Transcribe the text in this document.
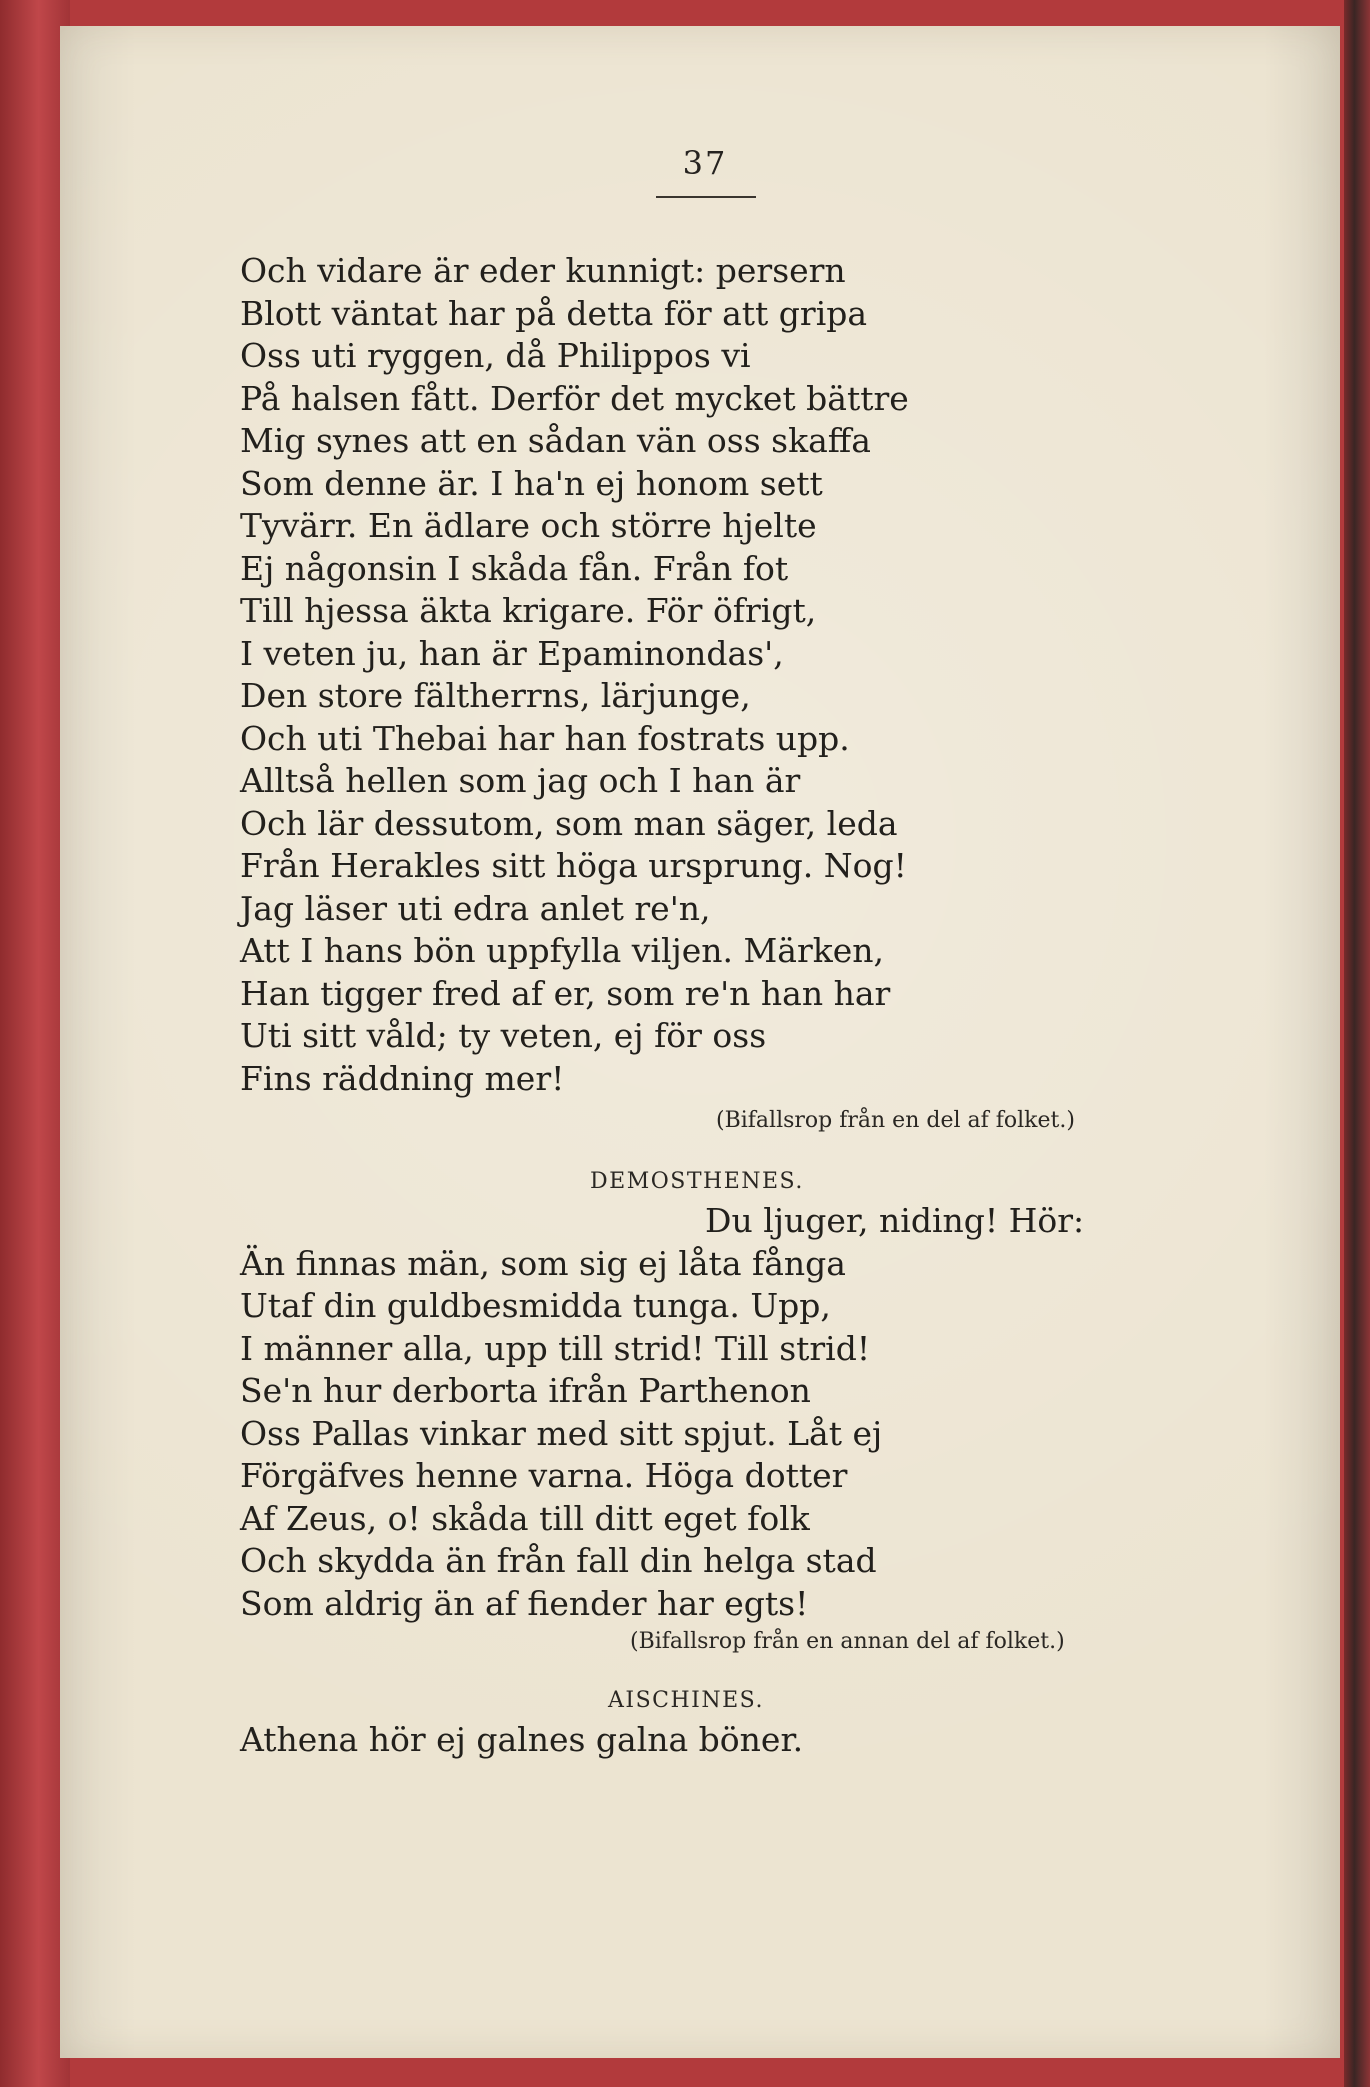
37
Och vidare är eder kunnigt: persern
Blott väntat har på detta för att gripa
Oss uti ryggen, då Philippos vi
På halsen fått. Derför det mycket bättre
Mig synes att en sådan vän oss skaffa
Som denne är. I ha'n ej honom sett
Tyvärr. En ädlare och större hjelte
Ej någonsin I skåda fån. Från fot
Till hjessa äkta krigare. För öfrigt,
I veten ju, han är Epaminondas',
Den store fältherrns, lärjunge,
Och uti Thebai har han fostrats upp.
Alltså hellen som jag och I han är
Och lär dessutom, som man säger, leda
Från Herakles sitt höga ursprung. Nog!
Jag läser uti edra anlet re'n,
Att I hans bön uppfylla viljen. Märken,
Han tigger fred af er, som re'n han har
Uti sitt våld; ty veten, ej för oss
Fins räddning mer!
(Bifallsrop från en del af folket.)
DEMOSTHENES.
Du ljuger, niding! Hör:
Än finnas män, som sig ej låta fånga
Utaf din guldbesmidda tunga. Upp,
I männer alla, upp till strid! Till strid!
Se'n hur derborta ifrån Parthenon
Oss Pallas vinkar med sitt spjut. Låt ej
Förgäfves henne varna. Höga dotter
Af Zeus, o! skåda till ditt eget folk
Och skydda än från fall din helga stad
Som aldrig än af fiender har egts!
(Bifallsrop från en annan del af folket.)
AISCHINES.
Athena hör ej galnes galna böner.
